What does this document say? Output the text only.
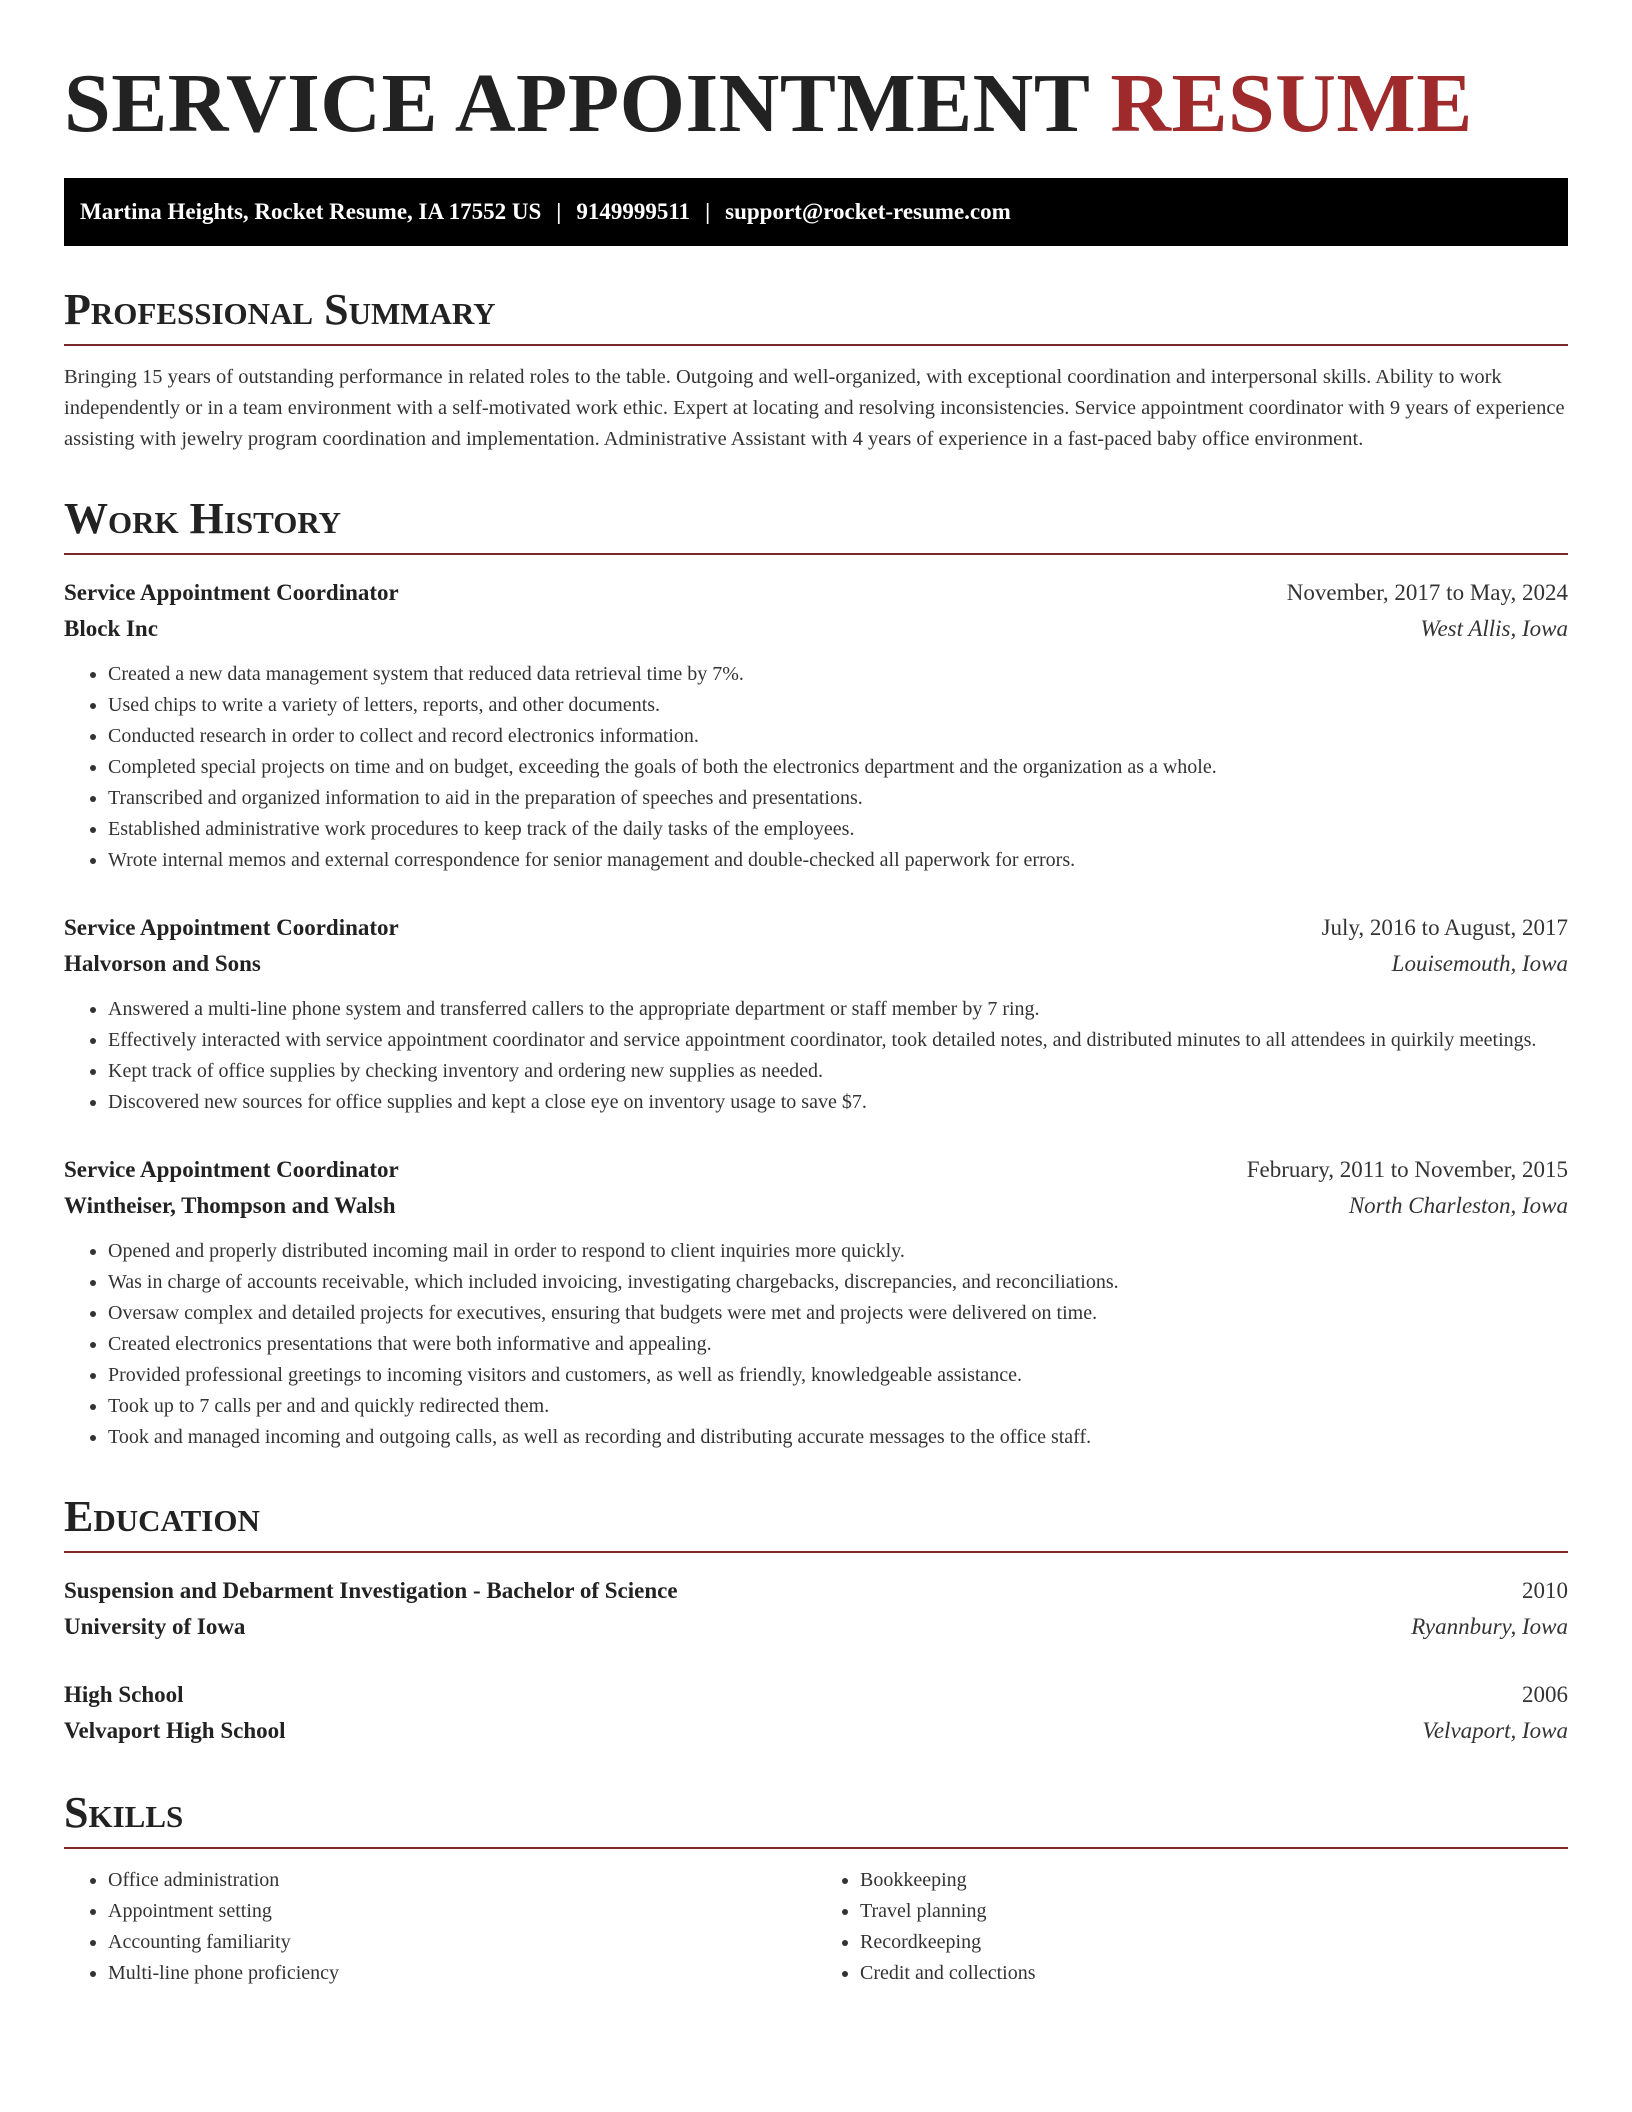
SERVICE APPOINTMENT RESUME
Martina Heights, Rocket Resume, IA 17552 US | 9149999511 | support@rocket-resume.com
Professional Summary

Bringing 15 years of outstanding performance in related roles to the table. Outgoing and well-organized, with exceptional coordination and interpersonal skills. Ability to work independently or in a team environment with a self-motivated work ethic. Expert at locating and resolving inconsistencies. Service appointment coordinator with 9 years of experience assisting with jewelry program coordination and implementation. Administrative Assistant with 4 years of experience in a fast-paced baby office environment.

Work History
Service Appointment Coordinator	November, 2017 to May, 2024
Block Inc	West Allis, Iowa
• Created a new data management system that reduced data retrieval time by 7%.
• Used chips to write a variety of letters, reports, and other documents.
• Conducted research in order to collect and record electronics information.
• Completed special projects on time and on budget, exceeding the goals of both the electronics department and the organization as a whole.
• Transcribed and organized information to aid in the preparation of speeches and presentations.
• Established administrative work procedures to keep track of the daily tasks of the employees.
• Wrote internal memos and external correspondence for senior management and double-checked all paperwork for errors.
Service Appointment Coordinator	July, 2016 to August, 2017
Halvorson and Sons	Louisemouth, Iowa
• Answered a multi-line phone system and transferred callers to the appropriate department or staff member by 7 ring.
• Effectively interacted with service appointment coordinator and service appointment coordinator, took detailed notes, and distributed minutes to all attendees in quirkily meetings.
• Kept track of office supplies by checking inventory and ordering new supplies as needed.
• Discovered new sources for office supplies and kept a close eye on inventory usage to save $7.
Service Appointment Coordinator	February, 2011 to November, 2015
Wintheiser, Thompson and Walsh	North Charleston, Iowa
• Opened and properly distributed incoming mail in order to respond to client inquiries more quickly.
• Was in charge of accounts receivable, which included invoicing, investigating chargebacks, discrepancies, and reconciliations.
• Oversaw complex and detailed projects for executives, ensuring that budgets were met and projects were delivered on time.
• Created electronics presentations that were both informative and appealing.
• Provided professional greetings to incoming visitors and customers, as well as friendly, knowledgeable assistance.
• Took up to 7 calls per and and quickly redirected them.
• Took and managed incoming and outgoing calls, as well as recording and distributing accurate messages to the office staff.
Education
Suspension and Debarment Investigation - Bachelor of Science	2010
University of Iowa	Ryannbury, Iowa
High School	2006
Velvaport High School	Velvaport, Iowa
Skills
• Office administration
• Appointment setting
• Accounting familiarity
• Multi-line phone proficiency
• Bookkeeping
• Travel planning
• Recordkeeping
• Credit and collections
